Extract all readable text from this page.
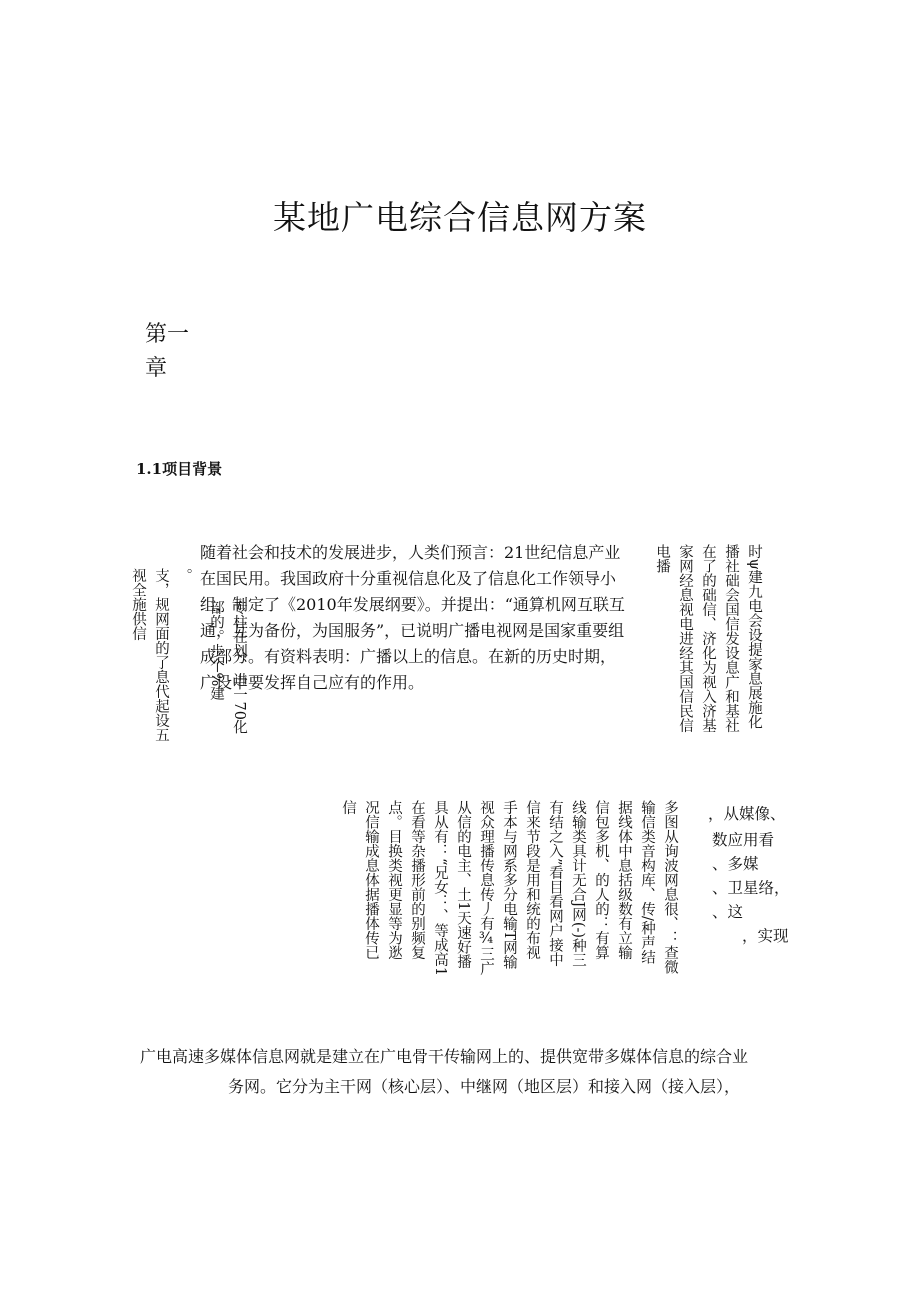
某地广电综合信息网方案
第一
章
1.1项目背景
时ψ建九电会设提家息展施化
播社础会国信发设息广和基社
在了的础信、济化为视入济基
家网经息视电进经其国信民信
电播
专柱在划、进一70化
部的。步个%建
随着社会和技术的发展进步，人类们预言：21世纪信息产业在国民用。我国政府十分重视信息化及了信息化工作领导小组，制定了《2010年发展纲要》。并提出：“通算机网互联互通，互为备份，为国服务”，已说明广播电视网是国家重要组成部分。有资料表明：广播以上的信息。在新的历史时期，广设中要发挥自己应有的作用。
。
支，规网面的了息代起设五
视全施供信
，从媒像、
数应用看
、多媒
、卫星络，
、这
，实现
多图从询波网息很、：查微
输信类音构库、传/种声结
据线体中息括级数有立输
信包多机、的人的：有算
线输类具计无合J网(-)种三
有结之入”看目看网户接中
信来节段是用和统的布视
手本与网系多分电输T网输
视众理播传息传丿有¾三广
从信的电主、土1天速好播
具从有：“兄女：、等成高1
在看等杂播形前的别频复
点。目换类视更显等为逖
况信输成息体据播体传已
信
广电高速多媒体信息网就是建立在广电骨干传输网上的、提供宽带多媒体信息的综合业
务网。它分为主干网（核心层）、中继网（地区层）和接入网（接入层），
